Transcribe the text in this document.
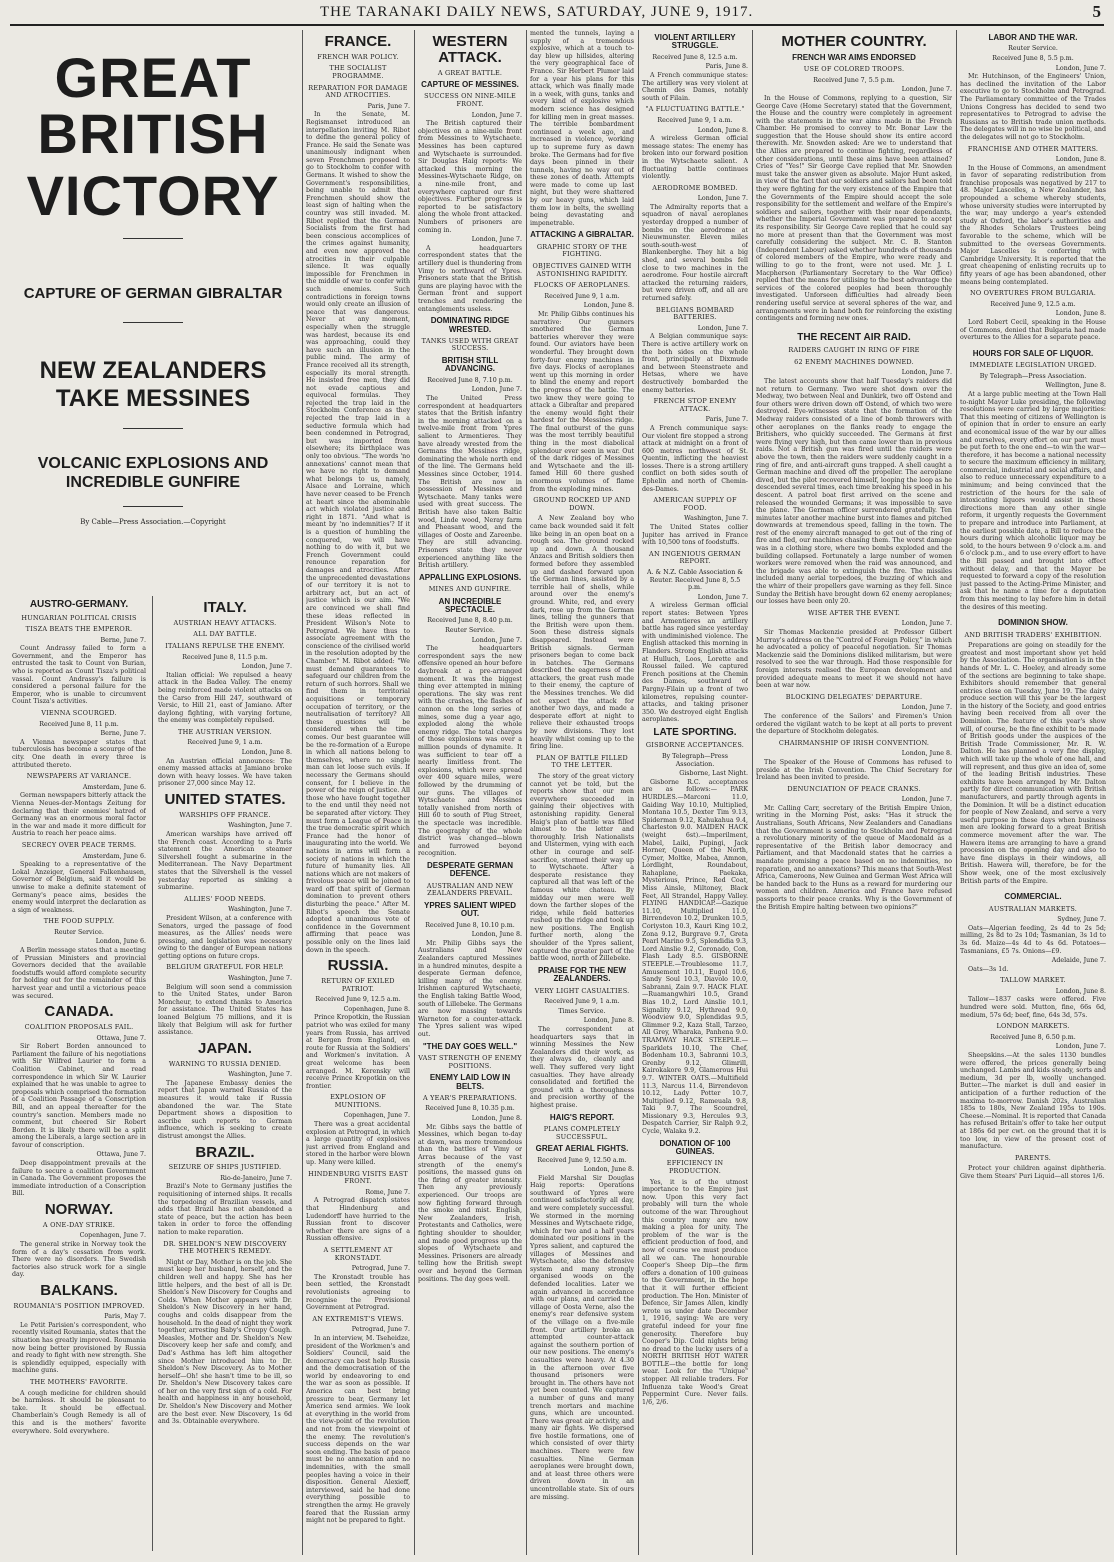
THE TARANAKI DAILY NEWS, SATURDAY, JUNE 9, 1917.	5

GREAT BRITISH

VICTORY

CAPTURE OF GERMAN GIBRALTAR
NEW ZEALANDERS TAKE MESSINES
VOLCANIC EXPLOSIONS AND INCREDIBLE GUNFIRE
By Cable—Press Association.—Copyright
AUSTRO-GERMANY.
HUNGARIAN POLITICAL CRISIS
TISZA BEATS THE EMPEROR.
Berne, June 7.

Count Andrassy failed to form a Government, and the Emperor has entrusted the task to Count von Burian, who is reported as Count Tisza's political vassal. Count Andrassy's failure is considered a personal failure for the Emperor, who is unable to circumvent Count Tisza's activities.

VIENNA SCOURGED.
Received June 8, 11 p.m.
Berne, June 7.

A Vienna newspaper states that tuberculosis has become a scourge of the city. One death in every three is attributed thereto.

NEWSPAPERS AT VARIANCE.
Amsterdam, June 6.

German newspapers bitterly attack the Vienna Neues-der-Montags Zeitung for declaring that their enemies' hatred of Germany was an enormous moral factor in the war and made it more difficult for Austria to reach her peace aims.

SECRECY OVER PEACE TERMS.
Amsterdam, June 6.

Speaking to a representative of the Lokal Anzeiger, General Falkenhausen, Governor of Belgium, said it would be unwise to make a definite statement of Germany's peace aims, besides the enemy would interpret the declaration as a sign of weakness.

THE FOOD SUPPLY.
Reuter Service.
London, June 6.

A Berlin message states that a meeting of Prussian Ministers and provincial Governors decided that the available foodstuffs would afford complete security for holding out for the remainder of this harvest year and until a victorious peace was secured.

CANADA.
COALITION PROPOSALS FAIL.
Ottawa, June 7.

Sir Robert Borden announced to Parliament the failure of his negotiations with Sir Wilfred Laurier to form a Coalition Cabinet, and read correspondence in which Sir W. Laurier explained that he was unable to agree to proposals which comprised the formation of a Coalition Passage of a Conscription Bill, and an appeal thereafter for the country's sanction. Members made no comment, but cheered Sir Robert Borden. It is likely there will be a split among the Liberals, a large section are in favour of conscription.

Ottawa, June 7.

Deep disappointment prevails at the failure to secure a coalition Government in Canada. The Government proposes the immediate introduction of a Conscription Bill.

NORWAY.
A ONE-DAY STRIKE.
Copenhagen, June 7.

The general strike in Norway took the form of a day's cessation from work. There were no disorders. The Swedish factories also struck work for a single day.

BALKANS.
ROUMANIA'S POSITION IMPROVED.
Paris, May 7.

Le Petit Parisien's correspondent, who recently visited Roumania, states that the situation has greatly improved. Roumania now being better provisioned by Russia and ready to fight with new strength. She is splendidly equipped, especially with machine guns.

THE MOTHERS' FAVORITE.

A cough medicine for children should be harmless. It should be pleasant to take. It should be effectual. Chamberlain's Cough Remedy is all of this and is the mothers' favorite everywhere. Sold everywhere.

ITALY.
AUSTRIAN HEAVY ATTACKS.
ALL DAY BATTLE.
ITALIANS REPULSE THE ENEMY.
Received June 8, 11.5 p.m.
London, June 7.

Italian official: We repulsed a heavy attack in the Badea Valley. The enemy being reinforced made violent attacks on the Carso from Hill 247, southward of Versic, to Hill 21, east of Jamiano. After daylong fighting, with varying fortune, the enemy was completely repulsed.

THE AUSTRIAN VERSION.
Received June 9, 1 a.m.
London, June 8.

An Austrian official announces: The enemy massed attacks at Jamiano broke down with heavy losses. We have taken prisoner 27,000 since May 12.

UNITED STATES.
WARSHIPS OFF FRANCE.
Washington, June 7.

American warships have arrived off the French coast. According to a Paris statement the American steamer Silvershell fought a submarine in the Mediterranean. The Navy Department states that the Silvershell is the vessel yesterday reported as sinking a submarine.

ALLIES' FOOD NEEDS.
Washington, June 7.

President Wilson, at a conference with Senators, urged the passage of food measures, as the Allies' needs were pressing, and legislation was necessary owing to the danger of European nations getting options on future crops.

BELGIUM GRATEFUL FOR HELP.
Washington, June 7.

Belgium will soon send a commission to the United States, under Baron Moncheur, to extend thanks to America for assistance. The United States has loaned Belgium 75 millions, and it is likely that Belgium will ask for further assistance.

JAPAN.
WARNING TO RUSSIA DENIED.
Washington, June 7.

The Japanese Embassy denies the report that Japan warned Russia of the measures it would take if Russia abandoned the war. The State Department shows a disposition to ascribe such reports to German influence, which is seeking to create distrust amongst the Allies.

BRAZIL.
SEIZURE OF SHIPS JUSTIFIED.
Rio-de-Janeiro, June 7.

Brazil's Note to Germany justifies the requisitioning of interned ships. It recalls the torpedoing of Brazilian vessels, and adds that Brazil has not abandoned a state of peace, but the action has been taken in order to force the offending nation to make reparation.

DR. SHELDON'S NEW DISCOVERY THE MOTHER'S REMEDY.

Night or Day, Mother is on the job. She must keep her husband, herself, and the children well and happy. She has her little helpers, and the best of all is Dr. Sheldon's New Discovery for Coughs and Colds. When Mother appears with Dr. Sheldon's New Discovery in her hand, coughs and colds disappear from the household. In the dead of night they work together, arresting Baby's Croupy Cough. Measles, Mother and Dr. Sheldon's New Discovery keep her safe and comfy, and Dad's Asthma has left him altogether since Mother introduced him to Dr. Sheldon's New Discovery. As to Mother herself—Oh! she hasn't time to be ill, so Dr. Sheldon's New Discovery takes care of her on the very first sign of a cold. For health and happiness in any household, Dr. Sheldon's New Discovery and Mother are the best ever. New Discovery, 1s 6d and 3s. Obtainable everywhere.

FRANCE.
FRENCH WAR POLICY.
THE SOCIALIST PROGRAMME.
REPARATION FOR DAMAGE AND ATROCITIES.
Paris, June 7.

In the Senate, M. Regismanset introduced an interpellation inviting M. Ribot to define the general policy of France. He said the Senate was unanimously indignant when seven Frenchmen proposed to go to Stockholm to confer with Germans. It wished to show the Government's responsibilities, being unable to admit that Frenchmen should show the least sign of halting when the country was still invaded. M. Ribot replied that the German Socialists from the first had been conscious accomplices of the crimes against humanity, and even now approved the atrocities in their culpable silence. It was equally impossible for Frenchmen in the middle of war to confer with such enemies. Such contradictions in foreign towns would only create an illusion of peace that was dangerous. Never at any moment, especially when the struggle was hardest, because its end was approaching, could they have such an illusion in the public mind. The army of France received all its strength, especially its moral strength. He insisted free men, they did not evade captious and equivocal formulas. They rejected the trap laid in the Stockholm Conference as they rejected the trap laid in a seductive formula which had been condemned in Petrograd, but was imported from elsewhere; its birthplace was only too obvious. "The words 'no annexations' cannot mean that we have no right to demand what belongs to us, namely, Alsace and Lorraine, which have never ceased to be French at heart since the abominable act which violated justice and right in 1871. "And what is meant by 'no indemnities'? If it is a question of humbling the conquered, we will have nothing to do with it, but we French Government could renounce reparation for damages and atrocities. After the unprecedented devastations of our territory it is not to arbitrary act, but an act of justice which is our aim. "We are convinced we shall find these ideas reflected in President Wilson's Note to Petrograd. We have thus to associate agreement with the conscience of the civilised world in the resolution adopted by the Chamber." M. Ribot added: "We must demand guarantees to safeguard our children from the return of such horrors. Shall we find them in territorial acquisitions or temporary occupation of territory, or the neutralisation of territory? All these questions will be considered when the time comes. Our best guarantee will be the re-formation of a Europe in which all nations belong to themselves, where no single man can let loose such evils. If necessary the Germans should consent, for I believe in the power of the reign of justice. All those who have fought together to the end until they need not be separated after victory. They must form a League of Peace in the true democratic spirit which France had the honor of inaugurating into the world. We nations in arms will form a society of nations in which the future of humanity lies. All nations which are not makers of frivolous peace will be joined to ward off that spirit of German domination to prevent others disturbing the peace." After M. Ribot's speech the Senate adopted a unanimous vote of confidence in the Government affirming that peace was possible only on the lines laid down in the speech.

RUSSIA.
RETURN OF EXILED PATRIOT.
Received June 9, 12.5 a.m.
Copenhagen, June 8.

Prince Kropotkin, the Russian patriot who was exiled for many years from Russia, has arrived at Bergen from England, en route for Russia at the Soldiers' and Workmen's invitation. A great welcome has been arranged. M. Kerensky will receive Prince Kropotkin on the frontier.

EXPLOSION OF MUNITIONS.
Copenhagen, June 7.

There was a great accidental explosion at Petrograd, in which a large quantity of explosives just arrived from England and stored in the harbor were blown up. Many were killed.

HINDENBURG VISITS EAST FRONT.
Rome, June 7.

A Petrograd dispatch states that Hindenburg and Ludendorff have hurried to the Russian front to discover whether there are signs of a Russian offensive.

A SETTLEMENT AT KRONSTADT.
Petrograd, June 7.

The Kronstadt trouble has been settled, the Kronstadt revolutionists agreeing to recognise the Provisional Government at Petrograd.

AN EXTREMIST'S VIEWS.
Petrograd, June 7.

In an interview, M. Tseheidze, president of the Workmen's and Soldiers' Council, said the democracy can best help Russia and the democratisation of the world by endeavoring to end the war as soon as possible. If America can best bring pressure to bear, Germany let America send armies. We look at everything in the world from the view-point of the revolution and not from the viewpoint of the enemy. The revolution's success depends on the war soon ending. The basis of peace must be no annexation and no indemnities, with the small peoples having a voice in their disposition. General Alexieff, interviewed, said he had done everything possible to strengthen the army. He gravely feared that the Russian army might not be prepared to fight.

WESTERN ATTACK.
A GREAT BATTLE.
CAPTURE OF MESSINES.
SUCCESS ON NINE-MILE FRONT.
London, June 7.

The British captured their objectives on a nine-mile front from Messines to Wytschaete. Messines has been captured and Wytschaete is surrounded. Sir Douglas Haig reports: We attacked this morning the Messines-Wytschaete Ridge, on a nine-mile front, and everywhere captured our first objectives. Further progress is reported to be satisfactory along the whole front attacked. Numbers of prisoners are coming in.

London, June 7.

A headquarters correspondent states that the artillery duel is thundering from Vimy to northward of Ypres. Prisoners state that the British guns are playing havoc with the German front and support trenches and rendering the entanglements useless.

DOMINATING RIDGE WRESTED.
TANKS USED WITH GREAT SUCCESS.
BRITISH STILL ADVANCING.
Received June 8, 7.10 p.m.
London, June 7.

The United Press correspondent at headquarters states that the British infantry in the morning attacked on a twelve-mile front from Ypres salient to Armentieres. They have already wrested from the Germans the Messines ridge, dominating the whole north end of the line. The Germans held Messines since October, 1914. The British are now in possession of Messines and Wytschaete. Many tanks were used with great success. The British have also taken Baltic wood, Linde wood, Neray farm and Pheasant wood, and the villages of Ooste and Zareenbe. They are still advancing. Prisoners state they never experienced anything like the British artillery.

APPALLING EXPLOSIONS.
MINES AND GUNFIRE.
AN INCREDIBLE SPECTACLE.
Received June 8, 8.40 p.m.
Reuter Service.
London, June 7.

The headquarters correspondent says the new offensive opened an hour before daybreak at a pre-arranged moment. It was the biggest thing ever attempted in mining operations. The sky was rent with the crashes, the flashes of cannon on the long series of mines, some dug a year ago, exploded along the whole enemy ridge. The total charges of those explosions was over a million pounds of dynamite. It was sufficient to tear off a nearly limitless front. The explosions, which were spread over 400 square miles, were followed by the drumming of our guns. The villages of Wytschaete and Messines totally vanished from north of Hill 60 to south of Plug Street, the spectacle was incredible. The geography of the whole district was changed—blown and furrowed beyond recognition.

DESPERATE GERMAN DEFENCE.
AUSTRALIAN AND NEW ZEALANDERS PREVAIL.
YPRES SALIENT WIPED OUT.
Received June 8, 10.10 p.m.
London, June 8.

Mr. Philip Gibbs says the Australians and New Zealanders captured Messines in a hundred minutes, despite a desperate German defence, killing many of the enemy. Irishmen captured Wytschaete, the English taking Battle Wood, south of Lillebeke. The Germans are now massing towards Warneton for a counter-attack. The Ypres salient was wiped out.

"THE DAY GOES WELL."
VAST STRENGTH OF ENEMY POSITIONS.
ENEMY LAID LOW IN BELTS.
A YEAR'S PREPARATIONS.
Received June 8, 10.35 p.m.
London, June 8.

Mr. Gibbs says the battle of Messines, which began to-day at dawn, was more tremendous than the battles of Vimy or Arras because of the vast strength of the enemy's positions, the massed guns on the firing of greater intensity. Then any previously experienced. Our troops are now fighting forward through the smoke and mist. English, New Zealanders, Irish, Protestants and Catholics, were fighting shoulder to shoulder, and made good progress up the slopes of Wytschaete and Messines. Prisoners are already telling how the British swept over and beyond the German positions. The day goes well.

mented the tunnels, laying a supply of a tremendous explosive, which at a touch to-day blew up hillsides, altering the very geographical face of France. Sir Herbert Plumer laid for a year his plans for this attack, which was finally made in a week, with guns, tanks and every kind of explosive which modern science has designed for killing men in great masses. The terrible bombardment continued a week ago, and increased in violence, working up to supreme fury as dawn broke. The Germans had for five days been pinned in their tunnels, having no way out of these zones of death. Attempts were made to come up last night, but they were shattered by our heavy guns, which laid them low in belts, the swelling being devastating and impenetrable.

ATTACKING A GIBRALTAR.
GRAPHIC STORY OF THE FIGHTING.
OBJECTIVES GAINED WITH ASTONISHING RAPIDITY.
FLOCKS OF AEROPLANES.
Received June 9, 1 a.m.
London, June 8.

Mr. Philip Gibbs continues his narrative: Our gunners smothered the German batteries wherever they were found. Our aviators have been wonderful. They brought down forty-four enemy machines in five days. Flocks of aeroplanes went up this morning in order to blind the enemy and report the progress of the battle. The two knew they were going to attack a Gibraltar and prepared the enemy would fight their hardest for the Messines ridge. The final outburst of the guns was the most terribly beautiful thing in the most diabolical splendour ever seen in war. Out of the dark ridges of Messines and Wytschaete and the ill-famed Hill 60 there gushed enormous volumes of flame from the exploding mines.

GROUND ROCKED UP AND DOWN.

A New Zealand boy who came back wounded said it felt like being in an open boat on a rough sea. The ground rocked up and down. A thousand Anzacs and British soldiers then formed before they assembled up and dashed forward upon the German lines, assisted by a terrible hail of shells, while around over the enemy's ground. White, red, and every dark, rose up from the German lines, telling the gunners that the British were upon them. Soon these distress signals disappeared. Instead were British signals. German prisoners began to come back in batches. The Germans described the eagerness of the attackers, the great rush made to their enemy, the capture of the Messines trenches. We did not expect the attack for another two days, and made a desperate effort at night to relieve their exhausted troops by new divisions. They lost heavily whilst coming up to the firing line.

PLAN OF BATTLE FILLED TO THE LETTER.

The story of the great victory cannot yet be told, but the reports show that our men everywhere succeeded in gaining their objectives with astonishing rapidity. General Haig's plan of battle was filled almost to the letter and thoroughly. Irish Nationalists and Ulstermen, vying with each other in courage and self-sacrifice, stormed their way up to Wytschaete. After a desperate resistance they captured all that was left of the famous white chateau. By midday our men were well down the farther slopes of the ridge, while field batteries rushed up the ridge and took up new positions. The English further north, along the shoulder of the Ypres salient, captured the greater part of the battle wood, north of Zillebeke.

PRAISE FOR THE NEW ZEALANDERS.
VERY LIGHT CASUALTIES.
Received June 9, 1 a.m.
Times Service.
London, June 8.

The correspondent at headquarters says that in winning Messines the New Zealanders did their work, as they always do, cleanly and well. They suffered very light casualties. They have already consolidated and fortified the ground with a thoroughness and precision worthy of the highest praise.

HAIG'S REPORT.
PLANS COMPLETELY SUCCESSFUL.
GREAT AERIAL FIGHTS.
Received June 9, 12.50 a.m.
London, June 8.

Field Marshal Sir Douglas Haig reports: Operations southward of Ypres were continued satisfactorily all day, and were completely successful. We stormed in the morning Messines and Wytschaete ridge, which for two and a half years dominated our positions in the Ypres salient, and captured the villages of Messines and Wytschaete, also the defensive system and many strongly organised woods on the defended localities. Later we again advanced in accordance with our plans, and carried the village of Oosta Verne, also the enemy's rear defensive system of the village on a five-mile front. Our artillery broke an attempted counter-attack against the southern portion of our new positions. The enemy's casualties were heavy. At 4.30 in the afternoon over five thousand prisoners were brought in. The others have not yet been counted. We captured a number of guns and many trench mortars and machine guns, which are uncounted. There was great air activity, and many air fights. We dispersed five hostile formations, one of which consisted of over thirty machines. There were few casualties. Nine German aeroplanes were brought down, and at least three others were driven down in an uncontrollable state. Six of ours are missing.

VIOLENT ARTILLERY STRUGGLE.
Received June 8, 12.5 a.m.
Paris, June 8.

A French communique states: The artillery was very violent at Chemin des Dames, notably south of Filain.

"A FLUCTUATING BATTLE."
Received June 9, 1 a.m.
London, June 8.

A wireless German official message states: The enemy has broken into our forward position in the Wytschaete salient. A fluctuating battle continues violently.

AERODROME BOMBED.
London, June 7.

The Admiralty reports that a squadron of naval aeroplanes yesterday dropped a number of bombs on the aerodrome at Nieuwmunster. Eleven miles south-south-west of Blankenberghe. They hit a big shed, and several bombs fell close to two machines in the aerodrome. Four hostile aircraft attacked the returning raiders, but were driven off, and all are returned safely.

BELGIANS BOMBARD BATTERIES.
London, June 7.

A Belgian communique says: There is active artillery work on the both sides on the whole front, principally at Dixmude and between Steenstraete and Hetsas, where we have destructively bombarded the enemy batteries.

FRENCH STOP ENEMY ATTACK.
Paris, June 7.

A French communique says: Our violent fire stopped a strong attack at midnight on a front of 600 metres northwest of St. Quentin, inflicting the heaviest losses. There is a strong artillery conflict on both sides south of Ephelin and north of Chemin-des-Dames.

AMERICAN SUPPLY OF FOOD.
Washington, June 7.

The United States collier Jupiter has arrived in France with 10,500 tons of foodstuffs.

AN INGENIOUS GERMAN REPORT.
A. & N.Z. Cable Association & Reuter. Received June 8, 5.5 p.m.
London, June 7.

A wireless German official report states: Between Ypres and Armentieres an artillery battle has raged since yesterday with undiminished violence. The English attacked this morning in Flanders. Strong English attacks at Hulluch, Loos, Lorette and Roussel failed. We captured French positions at the Chemin des Dames, southward of Pargny-Filain up a front of two kilometres, repulsing counter-attacks, and taking prisoner 350. We destroyed eight English aeroplanes.

LATE SPORTING.
GISBORNE ACCEPTANCES.
By Telegraph—Press Association.
Gisborne, Last Night.

Gisborne R.C. acceptances are as follows:— PARK HURDLES.—Marconi 11.0, Gaiding Way 10.10, Multiplied, Montana 10.5, Dexter Tim 9.13, Spiderman 9.12, Kahukahua 9.4, Charleston 9.0. MAIDEN HACK (weight 6st).—Imperilment, Mabel, Laiki, Pupingi, Jack Horner, Queen of the North, Cymer, Moltke, Mabea, Amnon, Lordlight, Roundabout, Rahaplane, Paekaka, Mysterious, Prince, Red Coat, Miss Ainsle, Miltoney, Black Feet, All Strandel, Happy Valley. FLYING HANDICAP.—Gazique 11.10, Multiplied 11.0, Birrendevon 10.2, Drunken 10.5, Coriyston 10.3, Kauri King 10.2, Zona 9.12, Burgrave 9.7, Greta Pearl Marino 9.5, Splendidia 9.3, Lord Ainslie 9.2, Coronado, Con, Flash Lady 8.5. GISBORNE STEEPLE.—Troublesome 11.7, Amusement 10.11, Eugol 10.6, Sandy Soul 10.3, Diavolo 10.0, Sabranni, Zain 9.7. HACK FLAT.—Ruamangwhiri 10.5, Grand Bias 10.2, Lord Ainslie 10.1, Signality 9.12, Hythread 9.0, Woodview 9.0, Splendidas 9.5, Glimmer 9.2, Kaza Stall, Tarzeo, All Grey, Wharaka, Panhena 9.0. TRAMWAY HACK STEEPLE.—Sparklets 10.10, The Chef, Bodenham 10.3, Sabranni 10.3, Grenby 9.12, Glimrill, Kairokakore 9.9, Glamerous Hui 9.7. WINTER OATS.—Multifield 11.3, Narcus 11.4, Birrendevon 10.12, Lady Potter 10.7, Multiplied 9.12, Rameuala 9.8, Taki 9.7, The Scoundrel, Missionary 9.3, Hercules 9.3, Despatch Carrier, Sir Ralph 9.2, Cycle, Walaka 9.2.

DONATION OF 100 GUINEAS.
EFFICIENCY IN PRODUCTION.

Yes, it is of the utmost importance to the Empire just now. Upon this very fact probably will turn the whole outcome of the war. Throughout this country many are now making a plea for unity. The problem of the war is the efficient production of food, and now of course we must produce all we can. The honourable Cooper's Sheep Dip—the firm offers a donation of 100 guineas to the Government, in the hope that it will further efficient production. The Hon. Minister of Defence, Sir James Allen, kindly wrote us under date December 1, 1916, saying: We are very grateful indeed for your fine generosity. Therefore buy Cooper's Dip. Cold nights bring no dread to the lucky users of a NORTH BRITISH HOT WATER BOTTLE—the bottle for long wear. Look for the "Unique" stopper. All reliable traders. For Influenza take Wood's Great Peppermint Cure. Never fails. 1/6, 2/6.

MOTHER COUNTRY.
FRENCH WAR AIMS ENDORSED
USE OF COLORED TROOPS.
Received June 7, 5.5 p.m.
London, June 7.

In the House of Commons, replying to a question, Sir George Cave (Home Secretary) stated that the Government, the House and the country were completely in agreement with the statements in the war aims made in the French Chamber. He promised to convey to Mr. Bonar Law the suggestion that the House should show its entire accord therewith. Mr. Snowden asked: Are we to understand that the Allies are prepared to continue fighting, regardless of other considerations, until these aims have been attained? Cries of "Yes!" Sir George Cave replied that Mr. Snowden must take the answer given as absolute. Major Hunt asked, in view of the fact that our soldiers and sailors had been told they were fighting for the very existence of the Empire that the Governments of the Empire should accept the sole responsibility for the settlement and welfare of the Empire's soldiers and sailors, together with their near dependants, whether the Imperial Government was prepared to accept its responsibility. Sir George Cave replied that he could say no more at present than that the Government was most carefully considering the subject. Mr. C. B. Stanton (Independent Labour) asked whether hundreds of thousands of colored members of the Empire, who were ready and willing to go to the front, were not used. Mr. J. I. Macpherson (Parliamentary Secretary to the War Office) replied that the means for utilising to the best advantage the services of the colored peoples had been thoroughly investigated. Unforseen difficulties had already been rendering useful service at several spheres of the war, and arrangements were in hand both for reinforcing the existing contingents and forming new ones.

THE RECENT AIR RAID.
RAIDERS CAUGHT IN RING OF FIRE
62 ENEMY MACHINES DOWNED.
London, June 7.

The latest accounts show that half Tuesday's raiders did not return to Germany. Two were shot down over the Medway, two between Neal and Dunkirk, two off Ostend and four others were driven down off Ostend, of which two were destroyed. Eye-witnesses state that the formation of the Medway raiders consisted of a line of bomb throwers with other aeroplanes on the flanks ready to engage the Britishers, who quickly succeeded. The Germans at first were flying very high, but then came lower than in previous raids. Not a British gun was fired until the raiders were above the town, then the raiders were suddenly caught in a ring of fire, and anti-aircraft guns trapped. A shell caught a German machine and dived off the propeller. The aeroplane dived, but the pilot recovered himself, looping the loop as he descended several times, each time breaking his speed in his descent. A patrol boat first arrived on the scene and released the wounded Germans; it was impossible to save the plane. The German officer surrendered gratefully. Ten minutes later another machine burst into flames and pitched downwards at tremendous speed, falling in the town. The rest of the enemy aircraft managed to get out of the ring of fire and fled, our machines chasing them. The worst damage was in a clothing store, where two bombs exploded and the building collapsed. Fortunately a large number of women workers were removed when the raid was announced, and the brigade was able to extinguish the fire. The missiles included many aerial torpedoes, the buzzing of which and the whirr of their propellers gave warning as they fell. Since Sunday the British have brought down 62 enemy aeroplanes; our losses have been only 20.

WISE AFTER THE EVENT.
London, June 7.

Sir Thomas Mackenzie presided at Professor Gilbert Murray's address on the "Control of Foreign Policy," in which he advocated a policy of peaceful negotiation. Sir Thomas Mackenzie said the Dominions disliked militarism, but were resolved to see the war through. Had those responsible for foreign interests realised the European development and provided adequate means to meet it we should not have been at war now.

BLOCKING DELEGATES' DEPARTURE.
London, June 7.

The conference of the Sailors' and Firemen's Union ordered the vigilant watch to be kept at all ports to prevent the departure of Stockholm delegates.

CHAIRMANSHIP OF IRISH CONVENTION.
London, June 8.

The Speaker of the House of Commons has refused to preside at the Irish Convention. The Chief Secretary for Ireland has been invited to preside.

DENUNCIATION OF PEACE CRANKS.
London, June 7.

Mr. Calling Carr, secretary of the British Empire Union, writing in the Morning Post, asks: "Has it struck the Australians, South Africans, New Zealanders and Canadians that the Government is sending to Stockholm and Petrograd a revolutionary minority of the queue of Macdonald as a representative of the British labor democracy and Parliament, and that Macdonald states that he carries a mandate promising a peace based on no indemnities, no reparation, and no annexations? This means that South-West Africa, Cameroons, New Guinea and German West Africa will be handed back to the Huns as a reward for murdering our women and children. America and France have refused passports to their peace cranks. Why is the Government of the British Empire halting between two opinions?"

LABOR AND THE WAR.
Reuter Service.
Received June 8, 5.5 p.m.
London, June 7.

Mr. Hutchinson, of the Engineers' Union, has declined the invitation of the Labor executive to go to Stockholm and Petrograd. The Parliamentary committee of the Trades Unions Congress has decided to send two representatives to Petrograd to advise the Russians as to British trade union methods. The delegates will in no wise be political, and the delegates will not go to Stockholm.

FRANCHISE AND OTHER MATTERS.
London, June 8.

In the House of Commons, an amendment in favor of separating redistribution from franchise proposals was negatived by 217 to 48. Major Lascelles, a New Zealander, has propounded a scheme whereby students, whose university studies were interrupted by the war, may undergo a year's extended study at Oxford, the labor's authorities and the Rhodes Scholars Trustees being favorable to the scheme, which will be submitted to the overseas Governments. Major Lascelles is conferring with Cambridge University. It is reported that the great cheapening of enlisting recruits up to fifty years of age has been abandoned, other means being contemplated.

NO OVERTURES FROM BULGARIA.
Received June 9, 12.5 a.m.
London, June 8.

Lord Robert Cecil, speaking in the House of Commons, denied that Bulgaria had made overtures to the Allies for a separate peace.

HOURS FOR SALE OF LIQUOR.
IMMEDIATE LEGISLATION URGED.
By Telegraph—Press Association.
Wellington, June 8.

At a large public meeting at the Town Hall to-night Mayor Luke presiding, the following resolutions were carried by large majorities: That this meeting of citizens of Wellington is of opinion that in order to ensure an early and economical issue of the war by our allies and ourselves, every effort on our part must be put forth to the one end—to win the war—therefore, it has become a national necessity to secure the maximum efficiency in military, commercial, industrial and social affairs, and also to reduce unnecessary expenditure to a minimum; and being convinced that the restriction of the hours for the sale of intoxicating liquors would assist in these directions more than any other single reform, it urgently requests the Government to prepare and introduce into Parliament, at the earliest possible date, a Bill to reduce the hours during which alcoholic liquor may be sold, to the hours between 9 o'clock a.m. and 6 o'clock p.m., and to use every effort to have the Bill passed and brought into effect without delay, and that the Mayor be requested to forward a copy of the resolution just passed to the Acting-Prime Minister, and ask that he name a time for a deputation from this meeting to lay before him in detail the desires of this meeting.

DOMINION SHOW.
AND BRITISH TRADERS' EXHIBITION.

Preparations are going on steadily for the greatest and most important show yet held by the Association. The organisation is in the hands of Mr. L. C. Hoeley, and already some of the sections are beginning to take shape. Exhibitors should remember that general entries close on Tuesday, June 19. The dairy produce section will this year be the largest in the history of the Society, and good entries having been received from all over the Dominion. The feature of this year's show will, of course, be the fine exhibit to be made of British goods under the auspices of the British Trade Commissioner, Mr. R. W. Dalton. He has planned a very fine display, which will take up the whole of one hall, and will represent, and thus give an idea of, some of the leading British industries. These exhibits have been arranged by Mr. Dalton partly for direct communication with British manufacturers, and partly through agents in the Dominion. It will be a distinct education for people of New Zealand, and serve a very useful purpose in these days when business men are looking forward to a great British commerce movement after the war. The Hawera items are arranging to have a grand procession on the opening day and also to have fine displays in their windows, all British. Hawera will, therefore, be for the Show week, one of the most exclusively British parts of the Empire.

COMMERCIAL.
AUSTRALIAN MARKETS.
Sydney, June 7.

Oats—Algerian feeding, 2s 4d to 2s 5d; milling, 2s 8d to 2s 10d; Tasmanian, 3s 1d to 3s 6d. Maize—4s 4d to 4s 6d. Potatoes—Tasmanians, £5 7s. Onions—£9.

Adelaide, June 7.

Oats—3s 1d.

TALLOW MARKET.
London, June 8.

Tallow—1837 casks were offered. Five hundred were sold. Mutton, fine, 66s 6d, medium, 57s 6d; beef, fine, 64s 3d, 57s.

LONDON MARKETS.
Received June 8, 6.50 p.m.
London, June 7.

Sheepskins.—At the sales 1130 bundles were offered, the prices generally being unchanged. Lambs and kids steady, sorts and medium, 3d per lb, woolly unchanged. Butter.—The market is dull and easier in anticipation of a further reduction of the maxima to-morrow. Danish 202s, Australian 185s to 180s, New Zealand 195s to 190s. Cheese.—Nominal. It is reported that Canada has refused Britain's offer to take her output at 186s 6d per cwt. on the ground that it is too low, in view of the present cost of manufacture.

PARENTS.

Protect your children against diphtheria. Give them Stears' Puri Liquid—all stores 1/6.
